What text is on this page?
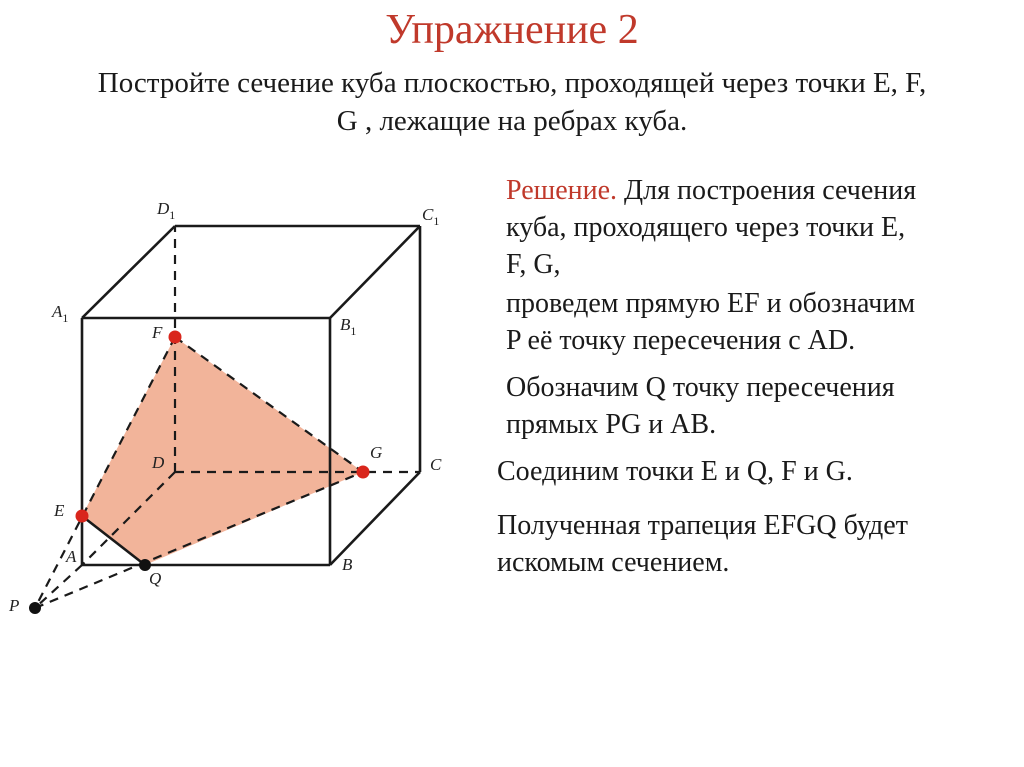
Упражнение 2
Постройте сечение куба плоскостью, проходящей через точки E, F,
G , лежащие на ребрах куба.
$D_1$	$C_1$
$A_1$	$B_1$
D	C
A	B
F
G
E
Q
P
Решение. Для построения сечения
куба, проходящего через точки E,
F, G,
проведем прямую EF и обозначим
P её точку пересечения с AD.
Обозначим Q точку пересечения
прямых PG и AB.
Соединим точки E и Q, F и G.
Полученная трапеция EFGQ будет
искомым сечением.
